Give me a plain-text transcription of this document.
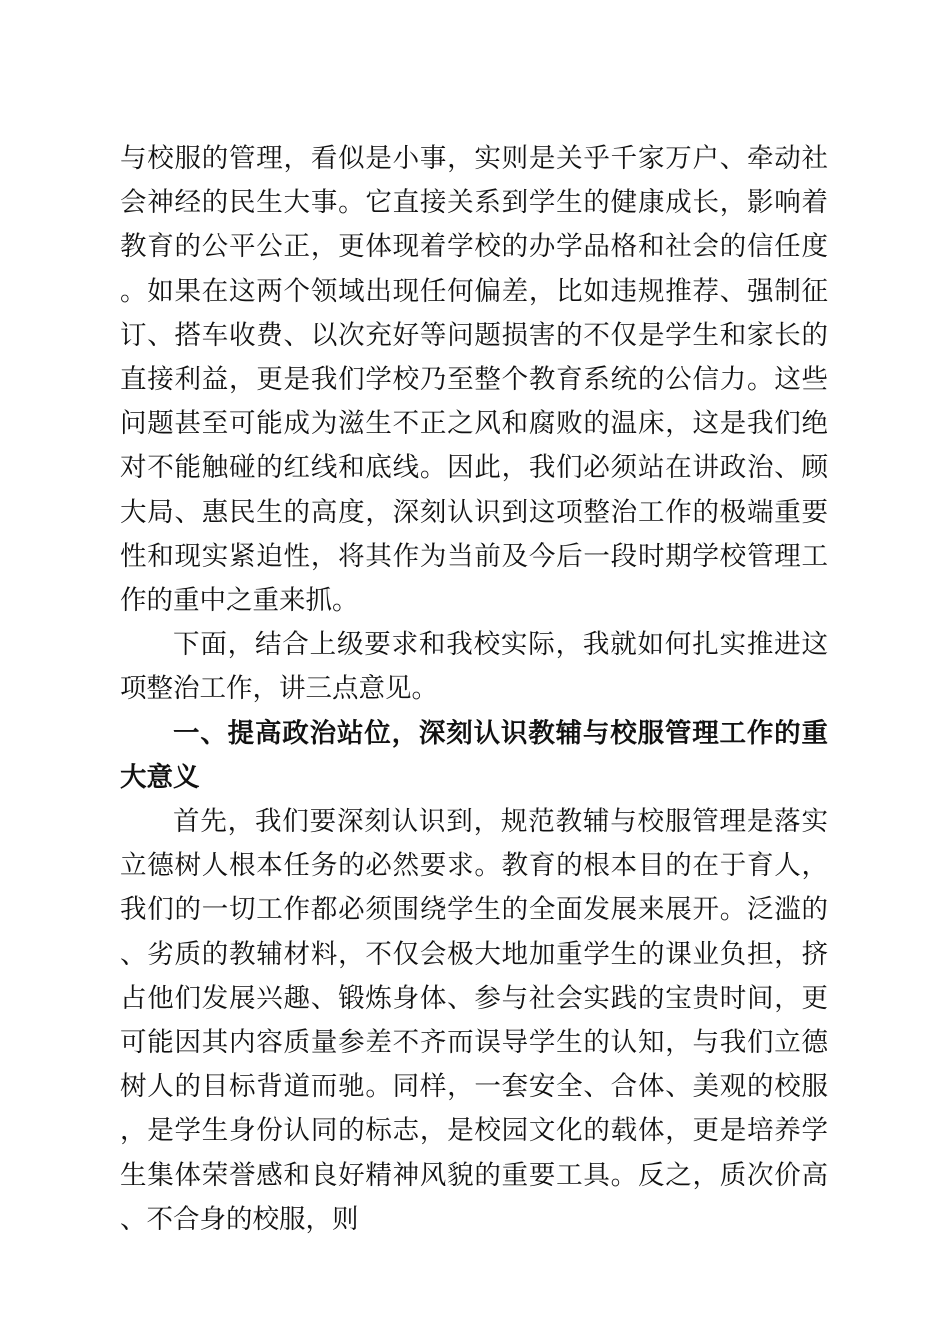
与校服的管理，看似是小事，实则是关乎千家万户、牵动社会神经的民生大事。它直接关系到学生的健康成长，影响着教育的公平公正，更体现着学校的办学品格和社会的信任度。如果在这两个领域出现任何偏差，比如违规推荐、强制征订、搭车收费、以次充好等问题损害的不仅是学生和家长的直接利益，更是我们学校乃至整个教育系统的公信力。这些问题甚至可能成为滋生不正之风和腐败的温床，这是我们绝对不能触碰的红线和底线。因此，我们必须站在讲政治、顾大局、惠民生的高度，深刻认识到这项整治工作的极端重要性和现实紧迫性，将其作为当前及今后一段时期学校管理工作的重中之重来抓。

下面，结合上级要求和我校实际，我就如何扎实推进这项整治工作，讲三点意见。

一、提高政治站位，深刻认识教辅与校服管理工作的重大意义

首先，我们要深刻认识到，规范教辅与校服管理是落实立德树人根本任务的必然要求。教育的根本目的在于育人，我们的一切工作都必须围绕学生的全面发展来展开。泛滥的、劣质的教辅材料，不仅会极大地加重学生的课业负担，挤占他们发展兴趣、锻炼身体、参与社会实践的宝贵时间，更可能因其内容质量参差不齐而误导学生的认知，与我们立德树人的目标背道而驰。同样，一套安全、合体、美观的校服，是学生身份认同的标志，是校园文化的载体，更是培养学生集体荣誉感和良好精神风貌的重要工具。反之，质次价高、不合身的校服，则
